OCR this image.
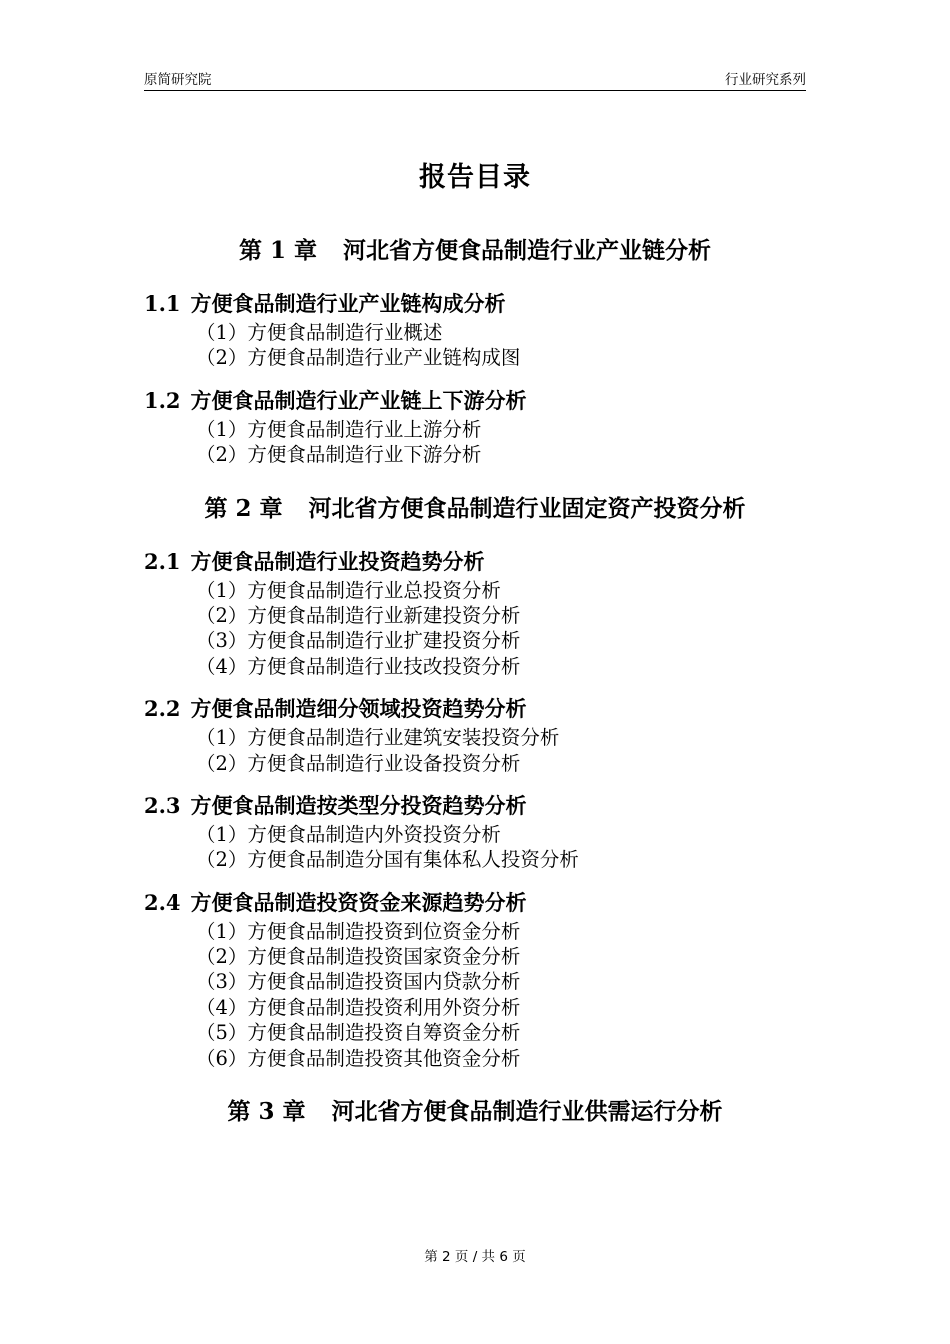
原简研究院	行业研究系列
报告目录
第 1 章 河北省方便食品制造行业产业链分析
1.1 方便食品制造行业产业链构成分析
（1）方便食品制造行业概述
（2）方便食品制造行业产业链构成图
1.2 方便食品制造行业产业链上下游分析
（1）方便食品制造行业上游分析
（2）方便食品制造行业下游分析
第 2 章 河北省方便食品制造行业固定资产投资分析
2.1 方便食品制造行业投资趋势分析
（1）方便食品制造行业总投资分析
（2）方便食品制造行业新建投资分析
（3）方便食品制造行业扩建投资分析
（4）方便食品制造行业技改投资分析
2.2 方便食品制造细分领域投资趋势分析
（1）方便食品制造行业建筑安装投资分析
（2）方便食品制造行业设备投资分析
2.3 方便食品制造按类型分投资趋势分析
（1）方便食品制造内外资投资分析
（2）方便食品制造分国有集体私人投资分析
2.4 方便食品制造投资资金来源趋势分析
（1）方便食品制造投资到位资金分析
（2）方便食品制造投资国家资金分析
（3）方便食品制造投资国内贷款分析
（4）方便食品制造投资利用外资分析
（5）方便食品制造投资自筹资金分析
（6）方便食品制造投资其他资金分析
第 3 章 河北省方便食品制造行业供需运行分析
第 2 页 / 共 6 页
